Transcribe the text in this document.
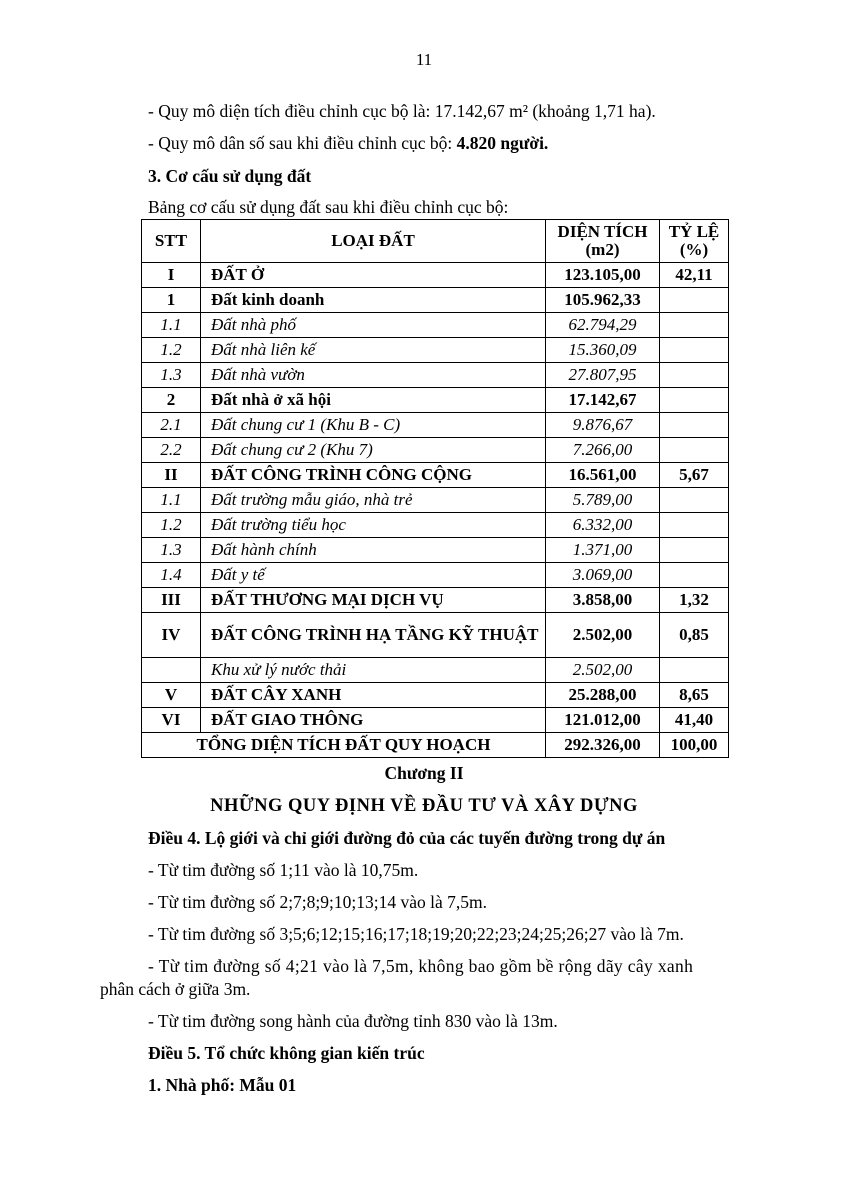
11
- Quy mô diện tích điều chỉnh cục bộ là: 17.142,67 m² (khoảng 1,71 ha).
- Quy mô dân số sau khi điều chỉnh cục bộ: 4.820 người.
3. Cơ cấu sử dụng đất
Bảng cơ cấu sử dụng đất sau khi điều chỉnh cục bộ:
STT	LOẠI ĐẤT	DIỆN TÍCH (m2)	TỶ LỆ (%)
I	ĐẤT Ở	123.105,00	42,11
1	Đất kinh doanh	105.962,33	
1.1	Đất nhà phố	62.794,29	
1.2	Đất nhà liên kế	15.360,09	
1.3	Đất nhà vườn	27.807,95	
2	Đất nhà ở xã hội	17.142,67	
2.1	Đất chung cư 1 (Khu B - C)	9.876,67	
2.2	Đất chung cư 2 (Khu 7)	7.266,00	
II	ĐẤT CÔNG TRÌNH CÔNG CỘNG	16.561,00	5,67
1.1	Đất trường mẫu giáo, nhà trẻ	5.789,00	
1.2	Đất trường tiểu học	6.332,00	
1.3	Đất hành chính	1.371,00	
1.4	Đất y tế	3.069,00	
III	ĐẤT THƯƠNG MẠI DỊCH VỤ	3.858,00	1,32
IV	ĐẤT CÔNG TRÌNH HẠ TẦNG KỸ THUẬT	2.502,00	0,85
	Khu xử lý nước thải	2.502,00	
V	ĐẤT CÂY XANH	25.288,00	8,65
VI	ĐẤT GIAO THÔNG	121.012,00	41,40
TỔNG DIỆN TÍCH ĐẤT QUY HOẠCH		292.326,00	100,00
Chương II
NHỮNG QUY ĐỊNH VỀ ĐẦU TƯ VÀ XÂY DỰNG
Điều 4. Lộ giới và chỉ giới đường đỏ của các tuyến đường trong dự án
- Từ tim đường số 1;11 vào là 10,75m.
- Từ tim đường số 2;7;8;9;10;13;14 vào là 7,5m.
- Từ tim đường số 3;5;6;12;15;16;17;18;19;20;22;23;24;25;26;27 vào là 7m.
- Từ tim đường số 4;21 vào là 7,5m, không bao gồm bề rộng dãy cây xanh
phân cách ở giữa 3m.
- Từ tim đường song hành của đường tỉnh 830 vào là 13m.
Điều 5. Tổ chức không gian kiến trúc
1. Nhà phố: Mẫu 01
